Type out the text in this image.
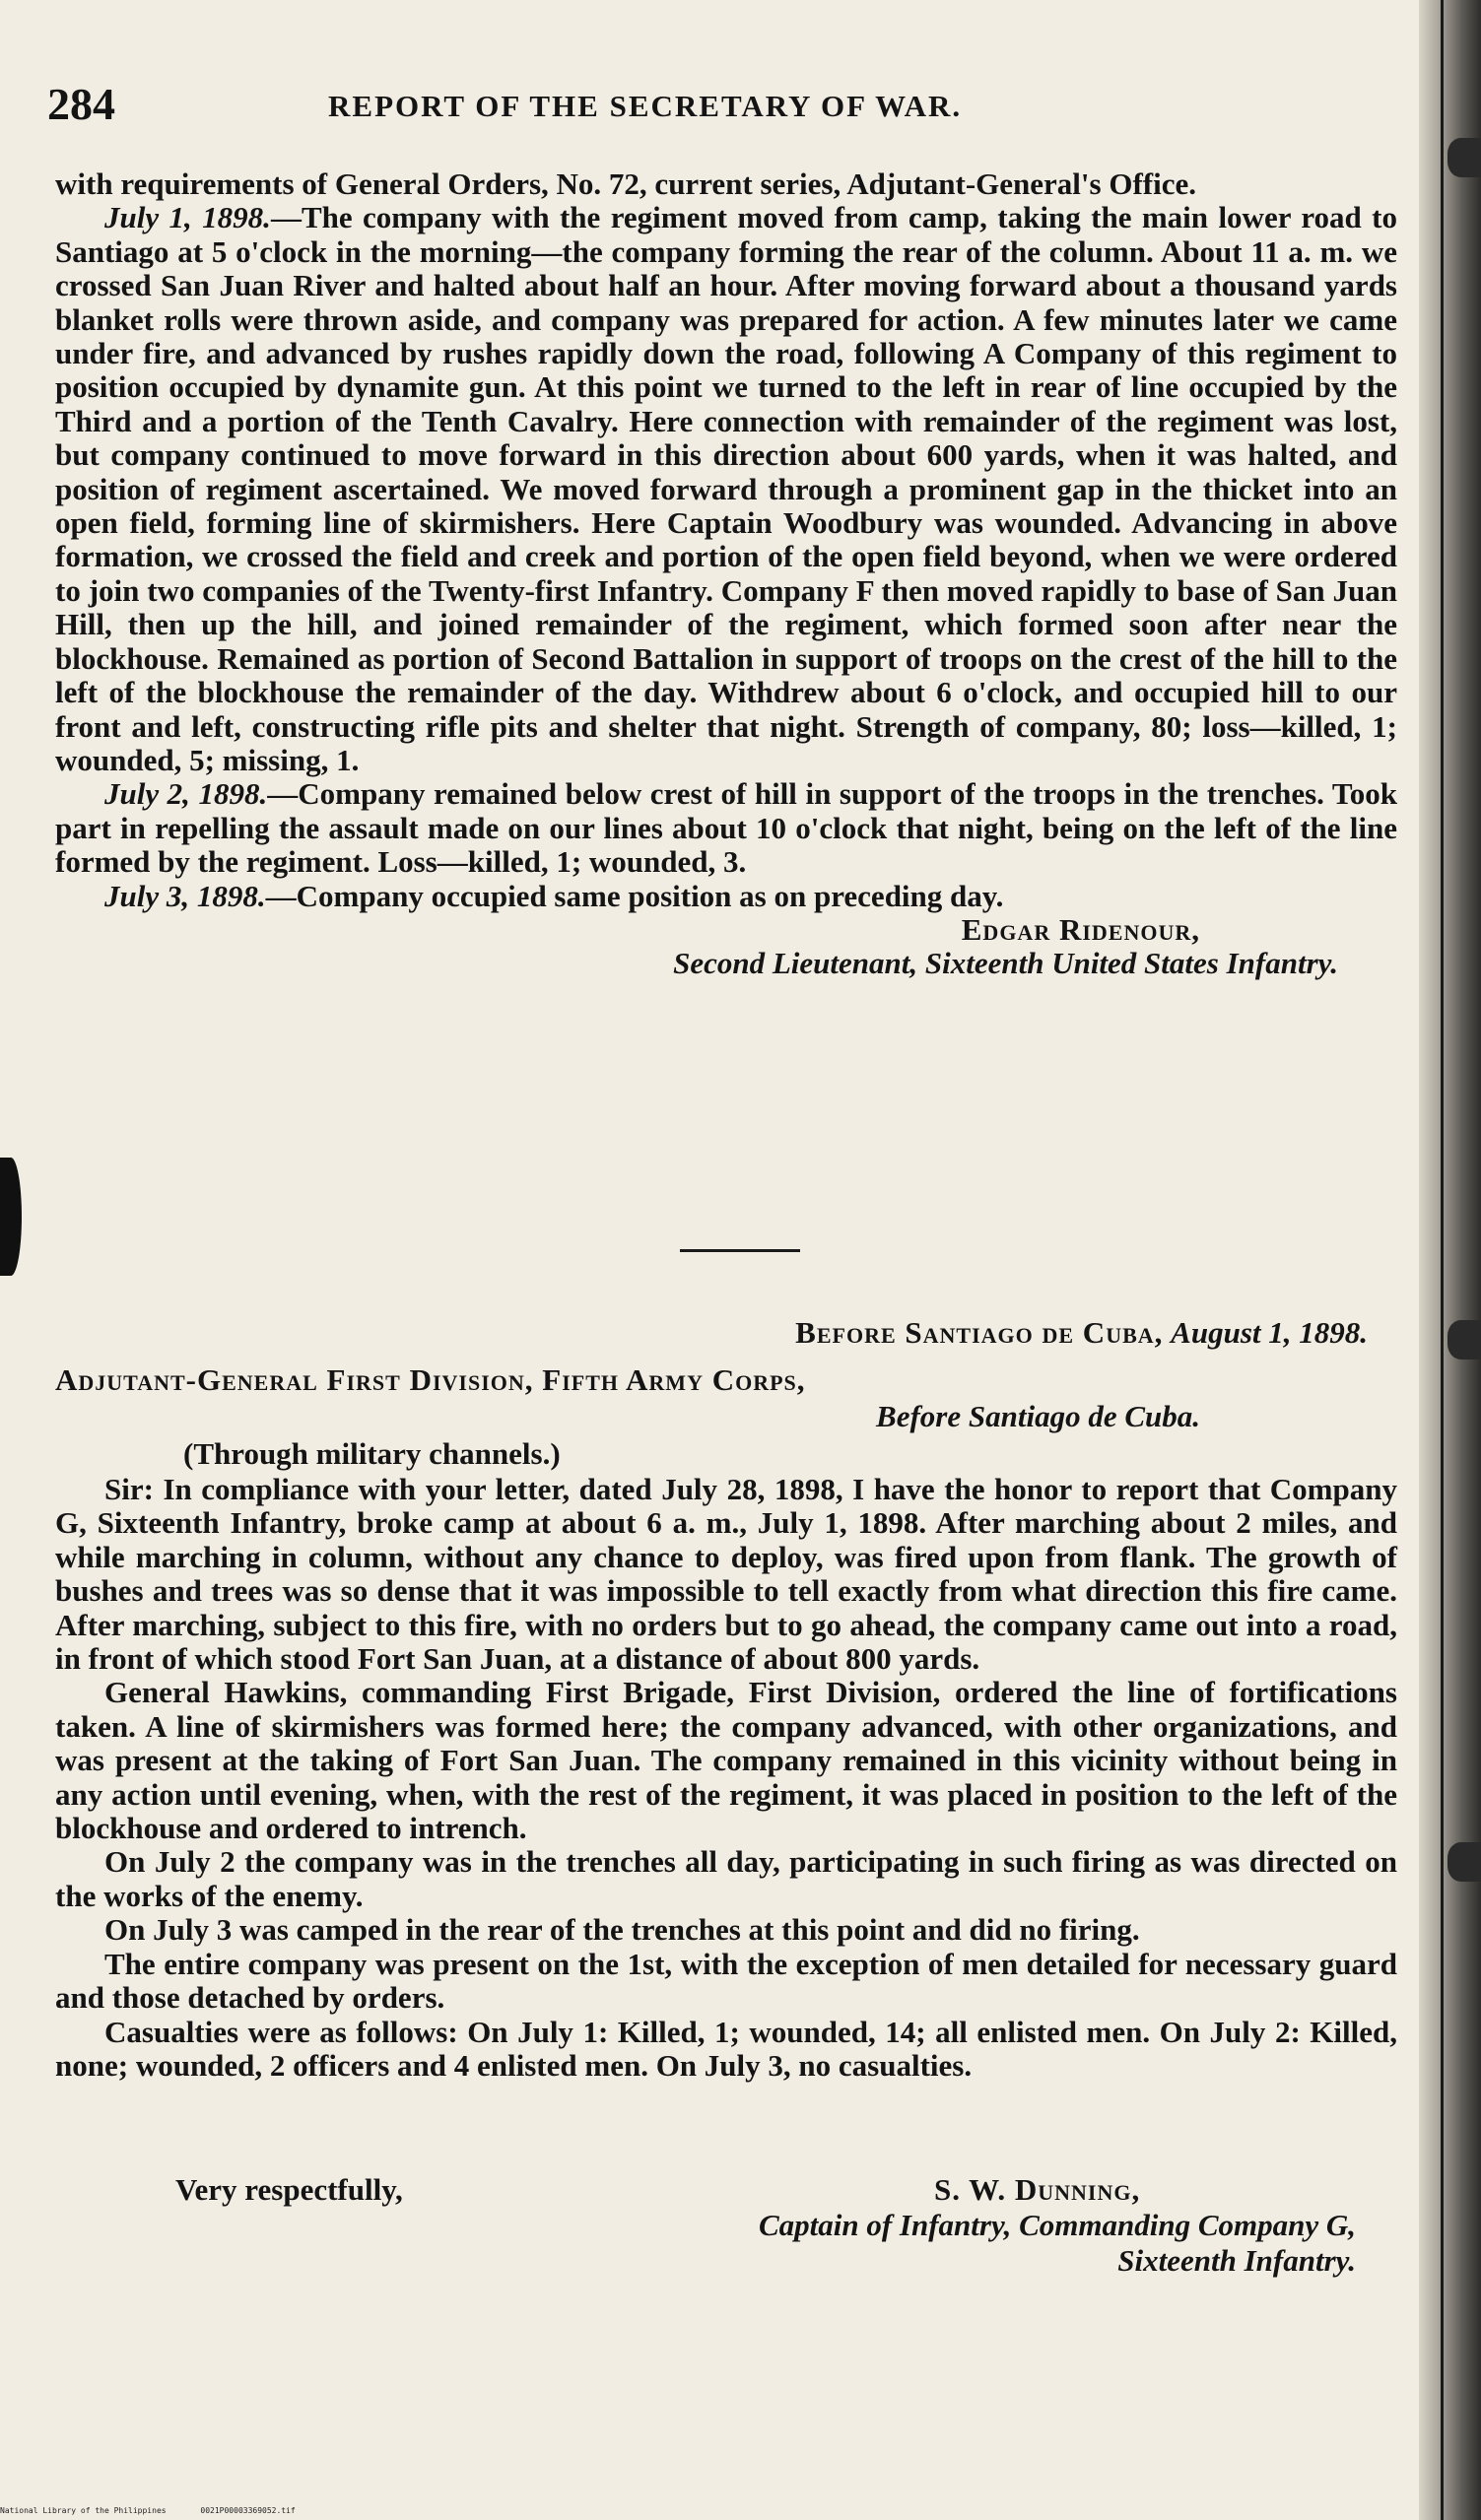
284	REPORT OF THE SECRETARY OF WAR.

with requirements of General Orders, No. 72, current series, Adjutant-General's Office.

July 1, 1898.—The company with the regiment moved from camp, taking the main lower road to Santiago at 5 o'clock in the morning—the company forming the rear of the column. About 11 a. m. we crossed San Juan River and halted about half an hour. After moving forward about a thousand yards blanket rolls were thrown aside, and company was prepared for action. A few minutes later we came under fire, and advanced by rushes rapidly down the road, following A Company of this regiment to position occupied by dynamite gun. At this point we turned to the left in rear of line occupied by the Third and a portion of the Tenth Cavalry. Here connection with remainder of the regiment was lost, but company continued to move forward in this direction about 600 yards, when it was halted, and position of regiment ascertained. We moved forward through a prominent gap in the thicket into an open field, forming line of skirmishers. Here Captain Woodbury was wounded. Advancing in above formation, we crossed the field and creek and portion of the open field beyond, when we were ordered to join two companies of the Twenty-first Infantry. Company F then moved rapidly to base of San Juan Hill, then up the hill, and joined remainder of the regiment, which formed soon after near the blockhouse. Remained as portion of Second Battalion in support of troops on the crest of the hill to the left of the blockhouse the remainder of the day. Withdrew about 6 o'clock, and occupied hill to our front and left, constructing rifle pits and shelter that night. Strength of company, 80; loss—killed, 1; wounded, 5; missing, 1.

July 2, 1898.—Company remained below crest of hill in support of the troops in the trenches. Took part in repelling the assault made on our lines about 10 o'clock that night, being on the left of the line formed by the regiment. Loss—killed, 1; wounded, 3.

July 3, 1898.—Company occupied same position as on preceding day.

Edgar Ridenour,

Second Lieutenant, Sixteenth United States Infantry.

Before Santiago de Cuba, August 1, 1898.
Adjutant-General First Division, Fifth Army Corps,
Before Santiago de Cuba.
(Through military channels.)

Sir: In compliance with your letter, dated July 28, 1898, I have the honor to report that Company G, Sixteenth Infantry, broke camp at about 6 a. m., July 1, 1898. After marching about 2 miles, and while marching in column, without any chance to deploy, was fired upon from flank. The growth of bushes and trees was so dense that it was impossible to tell exactly from what direction this fire came. After marching, subject to this fire, with no orders but to go ahead, the company came out into a road, in front of which stood Fort San Juan, at a distance of about 800 yards.

General Hawkins, commanding First Brigade, First Division, ordered the line of fortifications taken. A line of skirmishers was formed here; the company advanced, with other organizations, and was present at the taking of Fort San Juan. The company remained in this vicinity without being in any action until evening, when, with the rest of the regiment, it was placed in position to the left of the blockhouse and ordered to intrench.

On July 2 the company was in the trenches all day, participating in such firing as was directed on the works of the enemy.

On July 3 was camped in the rear of the trenches at this point and did no firing.

The entire company was present on the 1st, with the exception of men detailed for necessary guard and those detached by orders.

Casualties were as follows: On July 1: Killed, 1; wounded, 14; all enlisted men. On July 2: Killed, none; wounded, 2 officers and 4 enlisted men. On July 3, no casualties.

Very respectfully,	S. W. Dunning,
Captain of Infantry, Commanding Company G,
Sixteenth Infantry.
National Library of the Philippines	0021P00003369052.tif
